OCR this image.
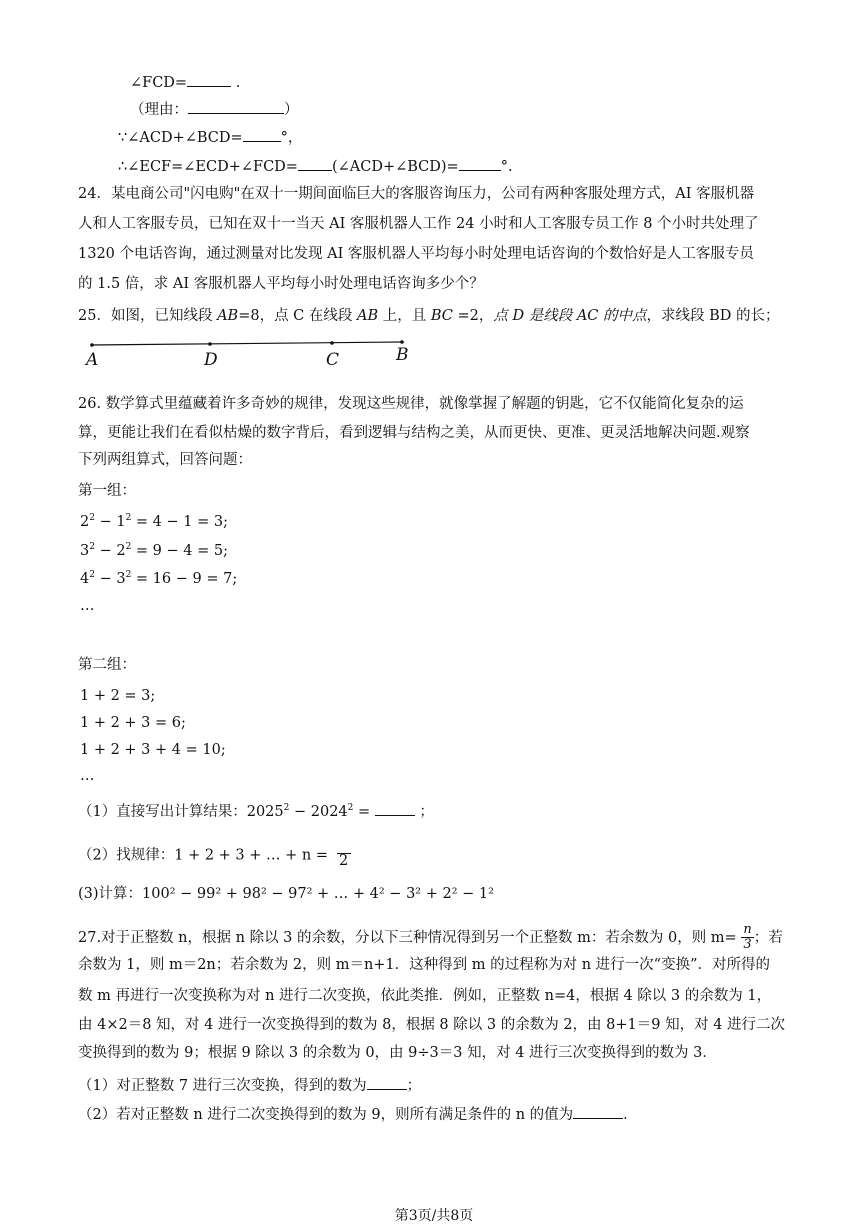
∠FCD=	.
（理由：	）
∵∠ACD+∠BCD=	°，
∴∠ECF=∠ECD+∠FCD= (∠ACD+∠BCD)=	°.
24．某电商公司"闪电购"在双十一期间面临巨大的客服咨询压力，公司有两种客服处理方式，AI 客服机器
人和人工客服专员，已知在双十一当天 AI 客服机器人工作 24 小时和人工客服专员工作 8 个小时共处理了
1320 个电话咨询，通过测量对比发现 AI 客服机器人平均每小时处理电话咨询的个数恰好是人工客服专员
的 1.5 倍，求 AI 客服机器人平均每小时处理电话咨询多少个？
25．如图，已知线段 AB=8，点 C 在线段 AB 上，且 BC =2，点 D 是线段 AC 的中点，求线段 BD 的长；
A	D	C	B
26. 数学算式里蕴藏着许多奇妙的规律，发现这些规律，就像掌握了解题的钥匙，它不仅能简化复杂的运
算，更能让我们在看似枯燥的数字背后，看到逻辑与结构之美，从而更快、更准、更灵活地解决问题.观察
下列两组算式，回答问题：
第一组：
$2^2 - 1^2 = 4 - 1 = 3$;
$3^2 - 2^2 = 9 - 4 = 5$;
$4^2 - 3^2 = 16 - 9 = 7$;
…
第二组：
1 + 2 = 3;
1 + 2 + 3 = 6;
1 + 2 + 3 + 4 = 10;
…
（1）直接写出计算结果：$2025^2 - 2024^2$ =	；
（2）找规律：1 + 2 + 3 + … + n = 2
(3)计算：100² − 99² + 98² − 97² + … + 4² − 3² + 2² − 1²
27.对于正整数 n，根据 n 除以 3 的余数，分以下三种情况得到另一个正整数 m：若余数为 0，则 $m= \frac{n}{3}$ ；若
余数为 1，则 m＝2n；若余数为 2，则 m＝n+1．这种得到 m 的过程称为对 n 进行一次“变换”．对所得的
数 m 再进行一次变换称为对 n 进行二次变换，依此类推．例如，正整数 n=4，根据 4 除以 3 的余数为 1，
由 4×2＝8 知，对 4 进行一次变换得到的数为 8，根据 8 除以 3 的余数为 2，由 8+1＝9 知，对 4 进行二次
变换得到的数为 9；根据 9 除以 3 的余数为 0，由 9÷3＝3 知，对 4 进行三次变换得到的数为 3．
（1）对正整数 7 进行三次变换，得到的数为	；
（2）若对正整数 n 进行二次变换得到的数为 9，则所有满足条件的 n 的值为	．
第3页/共8页
